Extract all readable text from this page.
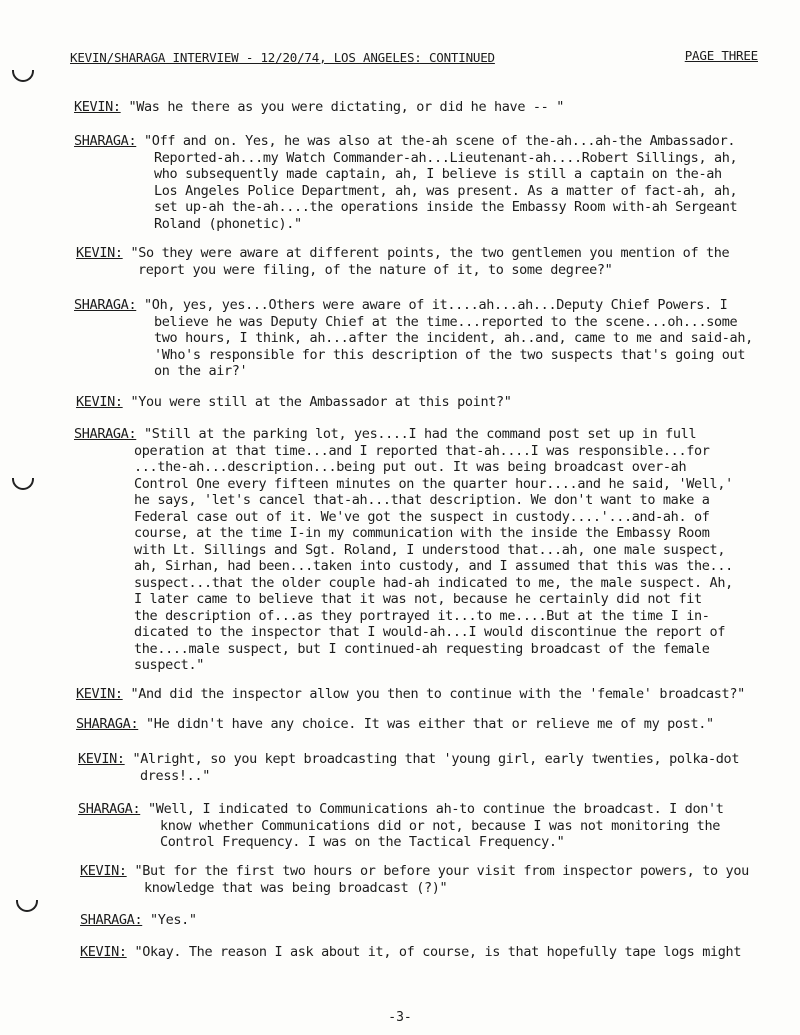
KEVIN/SHARAGA INTERVIEW - 12/20/74, LOS ANGELES: CONTINUED	PAGE THREE
KEVIN: "Was he there as you were dictating, or did he have -- "
SHARAGA: "Off and on. Yes, he was also at the-ah scene of the-ah...ah-the Ambassador.
Reported-ah...my Watch Commander-ah...Lieutenant-ah....Robert Sillings, ah,
who subsequently made captain, ah, I believe is still a captain on the-ah
Los Angeles Police Department, ah, was present. As a matter of fact-ah, ah,
set up-ah the-ah....the operations inside the Embassy Room with-ah Sergeant
Roland (phonetic)."
KEVIN: "So they were aware at different points, the two gentlemen you mention of the
report you were filing, of the nature of it, to some degree?"
SHARAGA: "Oh, yes, yes...Others were aware of it....ah...ah...Deputy Chief Powers. I
believe he was Deputy Chief at the time...reported to the scene...oh...some
two hours, I think, ah...after the incident, ah..and, came to me and said-ah,
'Who's responsible for this description of the two suspects that's going out
on the air?'
KEVIN: "You were still at the Ambassador at this point?"
SHARAGA: "Still at the parking lot, yes....I had the command post set up in full
operation at that time...and I reported that-ah....I was responsible...for
...the-ah...description...being put out. It was being broadcast over-ah
Control One every fifteen minutes on the quarter hour....and he said, 'Well,'
he says, 'let's cancel that-ah...that description. We don't want to make a
Federal case out of it. We've got the suspect in custody....'...and-ah. of
course, at the time I-in my communication with the inside the Embassy Room
with Lt. Sillings and Sgt. Roland, I understood that...ah, one male suspect,
ah, Sirhan, had been...taken into custody, and I assumed that this was the...
suspect...that the older couple had-ah indicated to me, the male suspect. Ah,
I later came to believe that it was not, because he certainly did not fit
the description of...as they portrayed it...to me....But at the time I in-
dicated to the inspector that I would-ah...I would discontinue the report of
the....male suspect, but I continued-ah requesting broadcast of the female
suspect."
KEVIN: "And did the inspector allow you then to continue with the 'female' broadcast?"
SHARAGA: "He didn't have any choice. It was either that or relieve me of my post."
KEVIN: "Alright, so you kept broadcasting that 'young girl, early twenties, polka-dot
dress!.."
SHARAGA: "Well, I indicated to Communications ah-to continue the broadcast. I don't
know whether Communications did or not, because I was not monitoring the
Control Frequency. I was on the Tactical Frequency."
KEVIN: "But for the first two hours or before your visit from inspector powers, to you
knowledge that was being broadcast (?)"
SHARAGA: "Yes."
KEVIN: "Okay. The reason I ask about it, of course, is that hopefully tape logs might
-3-
